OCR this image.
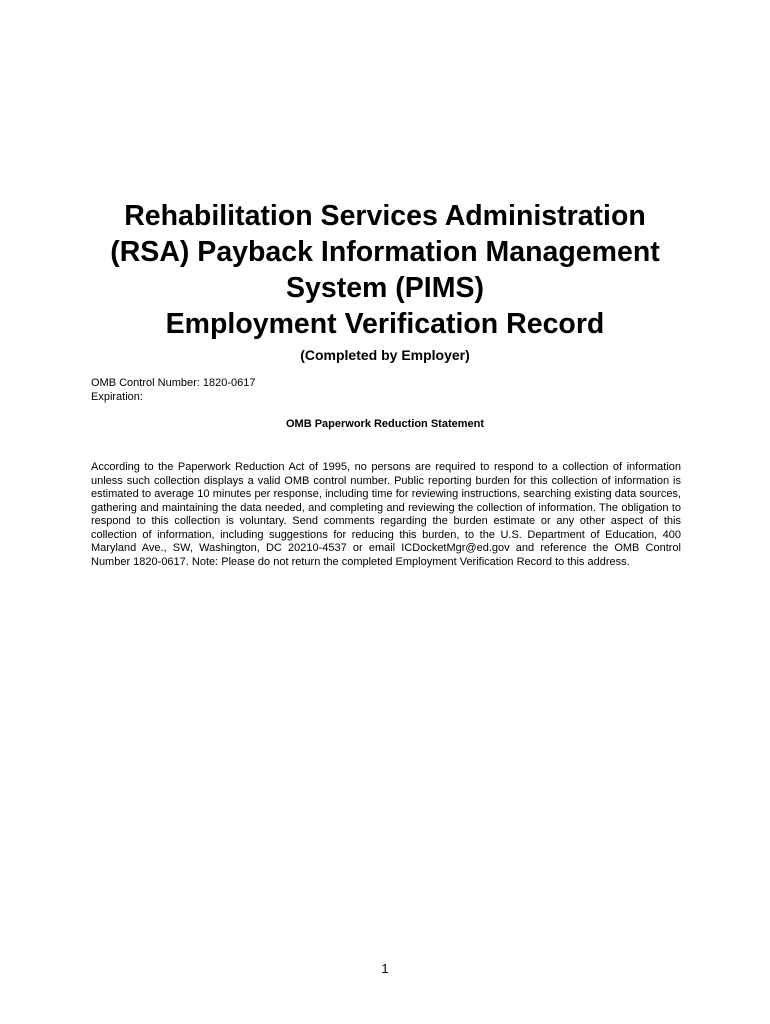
Rehabilitation Services Administration
(RSA) Payback Information Management
System (PIMS)
Employment Verification Record
(Completed by Employer)
OMB Control Number: 1820-0617
Expiration:
OMB Paperwork Reduction Statement
According to the Paperwork Reduction Act of 1995, no persons are required to respond to a collection of information unless such collection displays a valid OMB control number. Public reporting burden for this collection of information is estimated to average 10 minutes per response, including time for reviewing instructions, searching existing data sources, gathering and maintaining the data needed, and completing and reviewing the collection of information. The obligation to respond to this collection is voluntary. Send comments regarding the burden estimate or any other aspect of this collection of information, including suggestions for reducing this burden, to the U.S. Department of Education, 400 Maryland Ave., SW, Washington, DC 20210-4537 or email ICDocketMgr@ed.gov and reference the OMB Control Number 1820-0617. Note: Please do not return the completed Employment Verification Record to this address.
1
